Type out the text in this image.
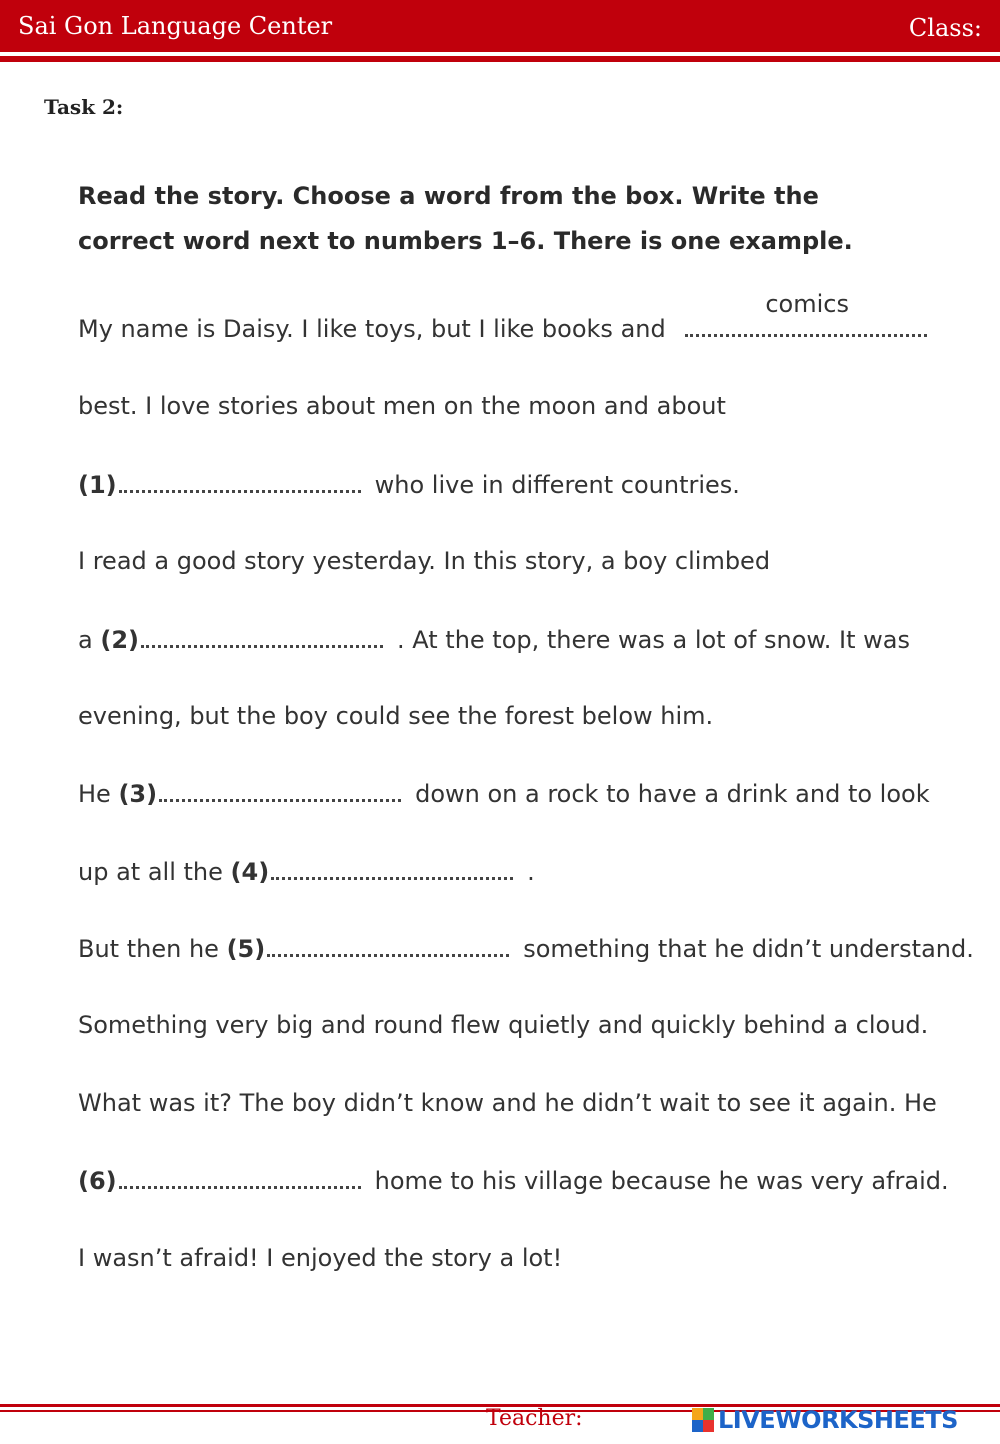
Sai Gon Language Center	Class:
Task 2:
Read the story. Choose a word from the box. Write the correct word next to numbers 1–6. There is one example.
My name is Daisy. I like toys, but I like books and
comics
best. I love stories about men on the moon and about
(1)	who live in different countries.
I read a good story yesterday. In this story, a boy climbed
a (2)	. At the top, there was a lot of snow. It was
evening, but the boy could see the forest below him.
He (3)	down on a rock to have a drink and to look
up at all the (4)	.
But then he (5)	something that he didn’t understand.
Something very big and round flew quietly and quickly behind a cloud.
What was it? The boy didn’t know and he didn’t wait to see it again. He
(6)	home to his village because he was very afraid.
I wasn’t afraid! I enjoyed the story a lot!
Teacher:	LIVEWORKSHEETS
